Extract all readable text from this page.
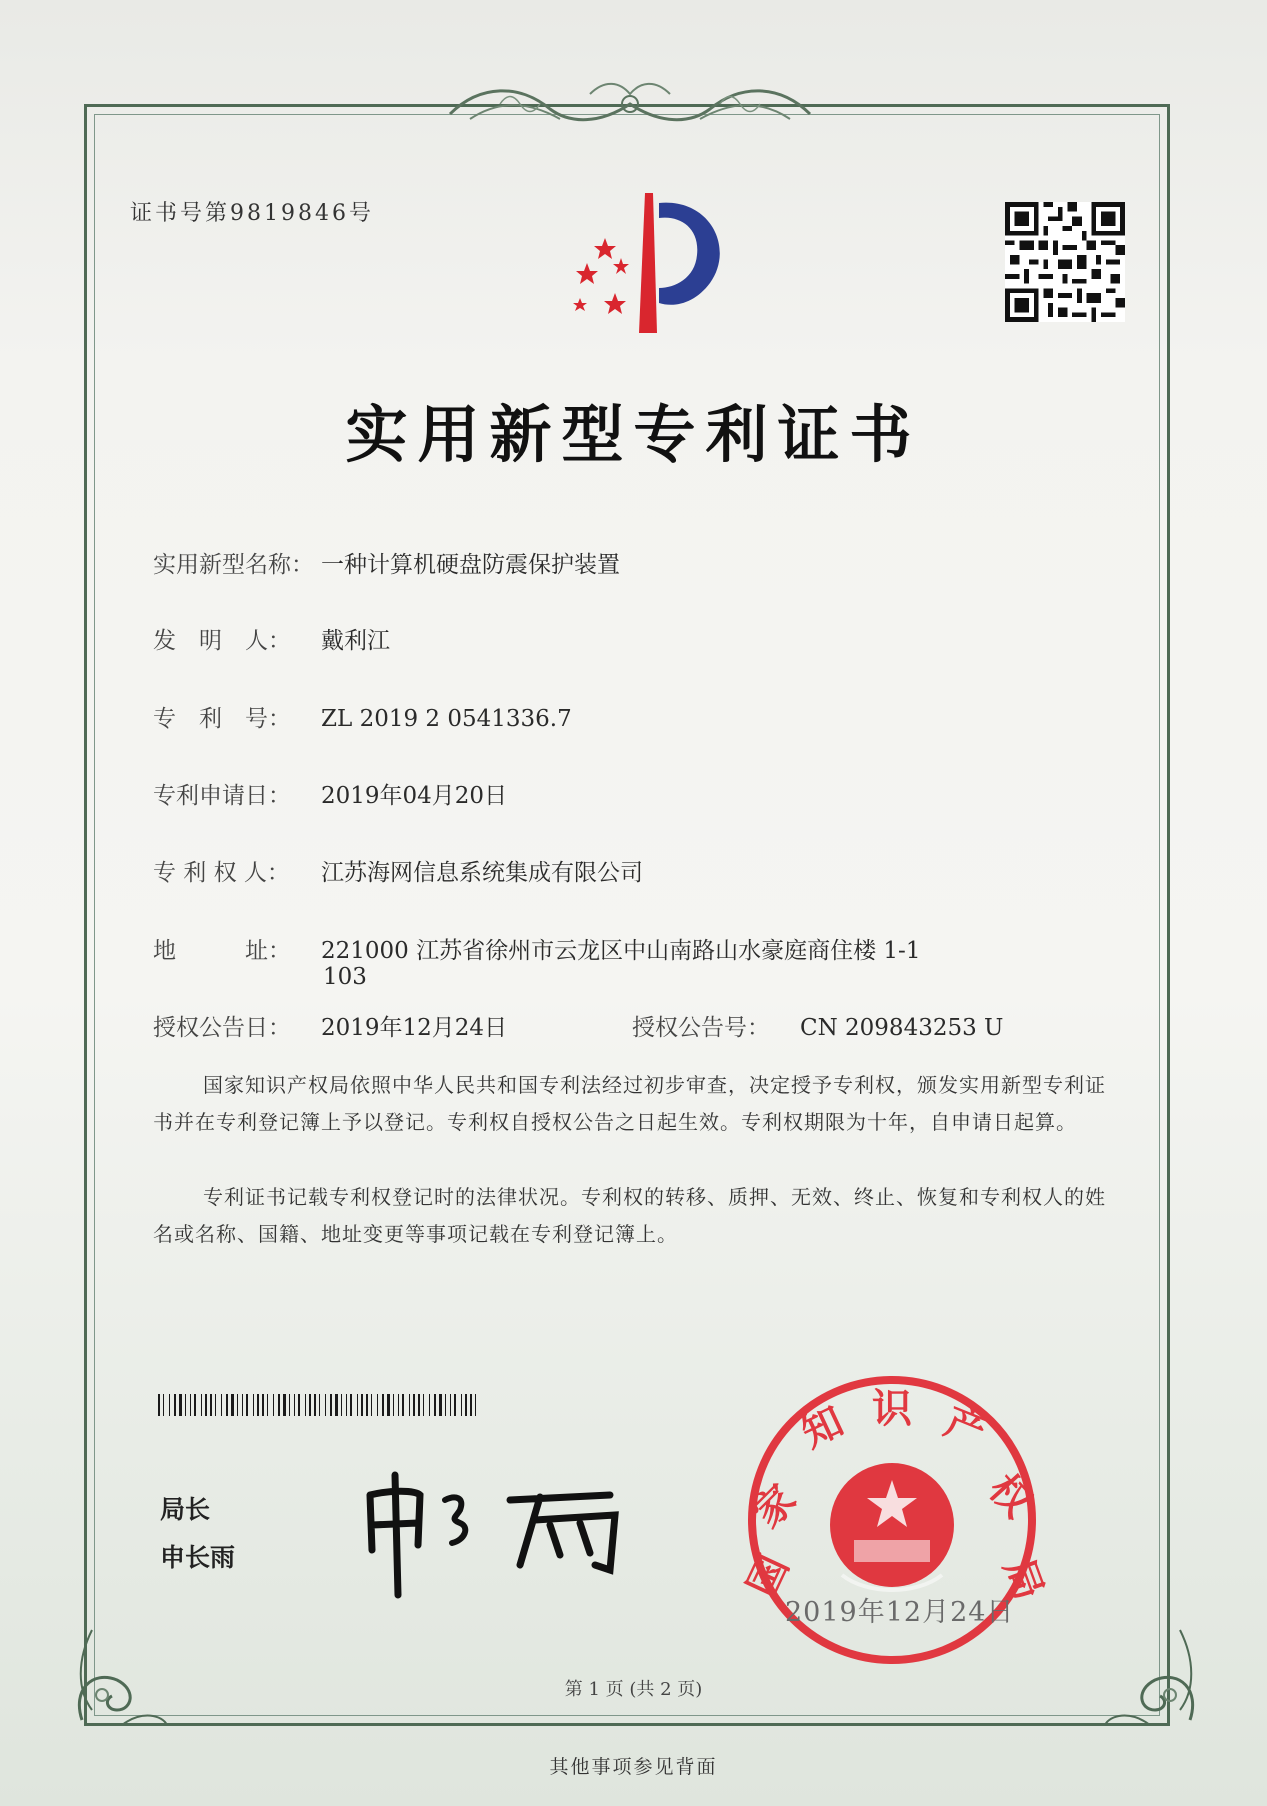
证书号第9819846号
实用新型专利证书
实用新型名称： 一种计算机硬盘防震保护装置
发　明　人： 戴利江
专　利　号： ZL 2019 2 0541336.7
专利申请日： 2019年04月20日
专 利 权 人： 江苏海网信息系统集成有限公司
地　　　址： 221000 江苏省徐州市云龙区中山南路山水豪庭商住楼 1-1
103
授权公告日： 2019年12月24日	授权公告号： CN 209843253 U

国家知识产权局依照中华人民共和国专利法经过初步审查，决定授予专利权，颁发实用新型专利证书并在专利登记簿上予以登记。专利权自授权公告之日起生效。专利权期限为十年，自申请日起算。

专利证书记载专利权登记时的法律状况。专利权的转移、质押、无效、终止、恢复和专利权人的姓名或名称、国籍、地址变更等事项记载在专利登记簿上。

局长
申长雨	国
家
知 识 产
权
局
2019年12月24日
第 1 页 (共 2 页)
其他事项参见背面
